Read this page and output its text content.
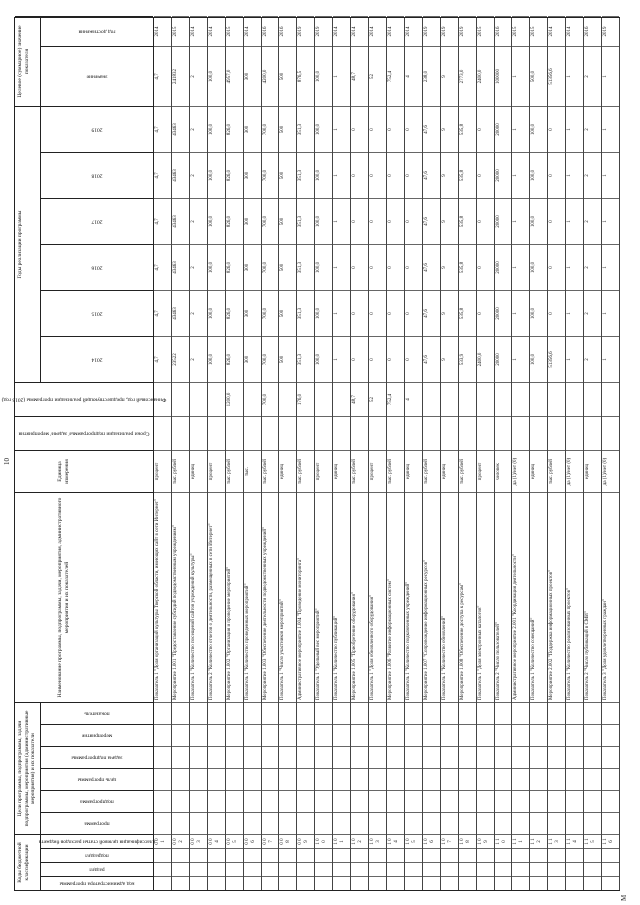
10
M
Коды бюджетной классификации
Цели программы, подпрограммы, задачи подпрограммы, мероприятия (административные мероприятия) и их показатели
Годы реализации программы
Целевое (суммарное) значение показателя
код администратора программы
раздел
подраздел
классификация целевой статьи расходов бюджета
программа
подпрограмма
цель программы
задача подпрограммы
мероприятие
показатель
Наименование программы, подпрограммы, задачи, мероприятия, административного мероприятия и их показателей
Единица измерения
Сроки реализации подпрограммы/ задачи/ мероприятия
Финансовый год, предшествующий реализации программы (2013 год)
2014
2015
2016
2017
2018
2019
значение
год достижения
0 0 1
Показатель 1 "Доля организаций культуры Тверской области, имеющих сайт в сети Интернет"
процент
4,7
4,7
4,7
4,7
4,7
4,7
4,7
2014
0 0 2
Мероприятие 1.001 "Предоставление субсидий подведомственным учреждениям"
тыс. рублей
23522
43463
43463
43463
43463
43463
241832
2015
0 0 3
Показатель 1 "Количество посещений сайтов учреждений культуры"
единиц
2
2
2
2
2
2
2
2014
0 0 4
Показатель 2 "Количество отчетов о деятельности, размещенных в сети Интернет"
процент
100,0
100,0
100,0
100,0
100,0
100,0
100,0
2014
0 0 5
Мероприятие 1.002 "Организация и проведение мероприятий"
тыс. рублей
1200,0
826,0
826,0
826,0
826,0
826,0
826,0
4957,0
2015
0 0 6
Показатель 1 "Количество проведенных мероприятий"
тыс.
300
300
300
300
300
300
300
2014
0 0 7
Мероприятие 1.003 "Обеспечение деятельности подведомственных учреждений"
тыс. рублей
700,0
700,0
700,0
700,0
700,0
700,0
700,0
4200,0
2016
0 0 8
Показатель 1 "Число участников мероприятий"
единиц
500
500
500
500
500
500
500
2016
0 0 9
Административное мероприятие 1.004 "Проведение мониторинга"
тыс. рублей
176,0
351,3
351,3
351,3
351,3
351,3
351,3
876,5
2019
1 0 0
Показатель 1 "Удельный вес мероприятий"
процент
100,0
100,0
100,0
100,0
100,0
100,0
100,0
2019
1 0 1
Показатель 1 "Количество публикаций"
единиц
1
1
1
1
1
1
1
2014
1 0 2
Мероприятие 1.005 "Приобретение оборудования"
тыс. рублей
48,7
0
0
0
0
0
0
48,7
2014
1 0 3
Показатель 1 "Доля обновленного оборудования"
процент
52
0
0
0
0
0
0
52
2014
1 0 4
Мероприятие 1.006 "Развитие информационных систем"
тыс. рублей
752,4
0
0
0
0
0
0
752,4
2014
1 0 5
Показатель 1 "Количество подключенных учреждений"
единиц
4
0
0
0
0
0
0
4
2014
1 0 6
Мероприятие 1.007 "Сопровождение информационных ресурсов"
тыс. рублей
47,6
47,6
47,6
47,6
47,6
47,6
238,0
2019
1 0 7
Показатель 1 "Количество обновлений"
единиц
9
9
9
9
9
9
9
2019
1 0 8
Мероприятие 1.008 "Обеспечение доступа к ресурсам"
тыс. рублей
533,9
535,8
535,8
535,8
535,8
535,8
2773,0
2019
1 0 9
Показатель 1 "Доля электронных каталогов"
процент
2400,0
0
0
0
0
0
2400,0
2015
1 1 0
Показатель 2 "Число пользователей"
человек
20000
20000
20000
20000
20000
20000
100000
2016
1 1 1
Административное мероприятие 2.001 "Координация деятельности"
да (1)/нет (0)
1
1
1
1
1
1
1
2015
1 1 2
Показатель 1 "Количество совещаний"
единиц
100,0
100,0
100,0
100,0
100,0
100,0
500,0
2015
1 1 3
Мероприятие 2.002 "Поддержка информационных проектов"
тыс. рублей
51356,6
0
0
0
0
0
51356,6
2014
1 1 4
Показатель 1 "Количество реализованных проектов"
да (1)/нет (0)
1
1
1
1
1
1
1
2014
1 1 5
Показатель 2 "Число публикаций в СМИ"
единиц
2
2
2
2
2
2
2
2016
1 1 6
Показатель 3 "Доля удовлетворенных граждан"
да (1)/нет (0)
1
1
1
1
1
1
1
2019
